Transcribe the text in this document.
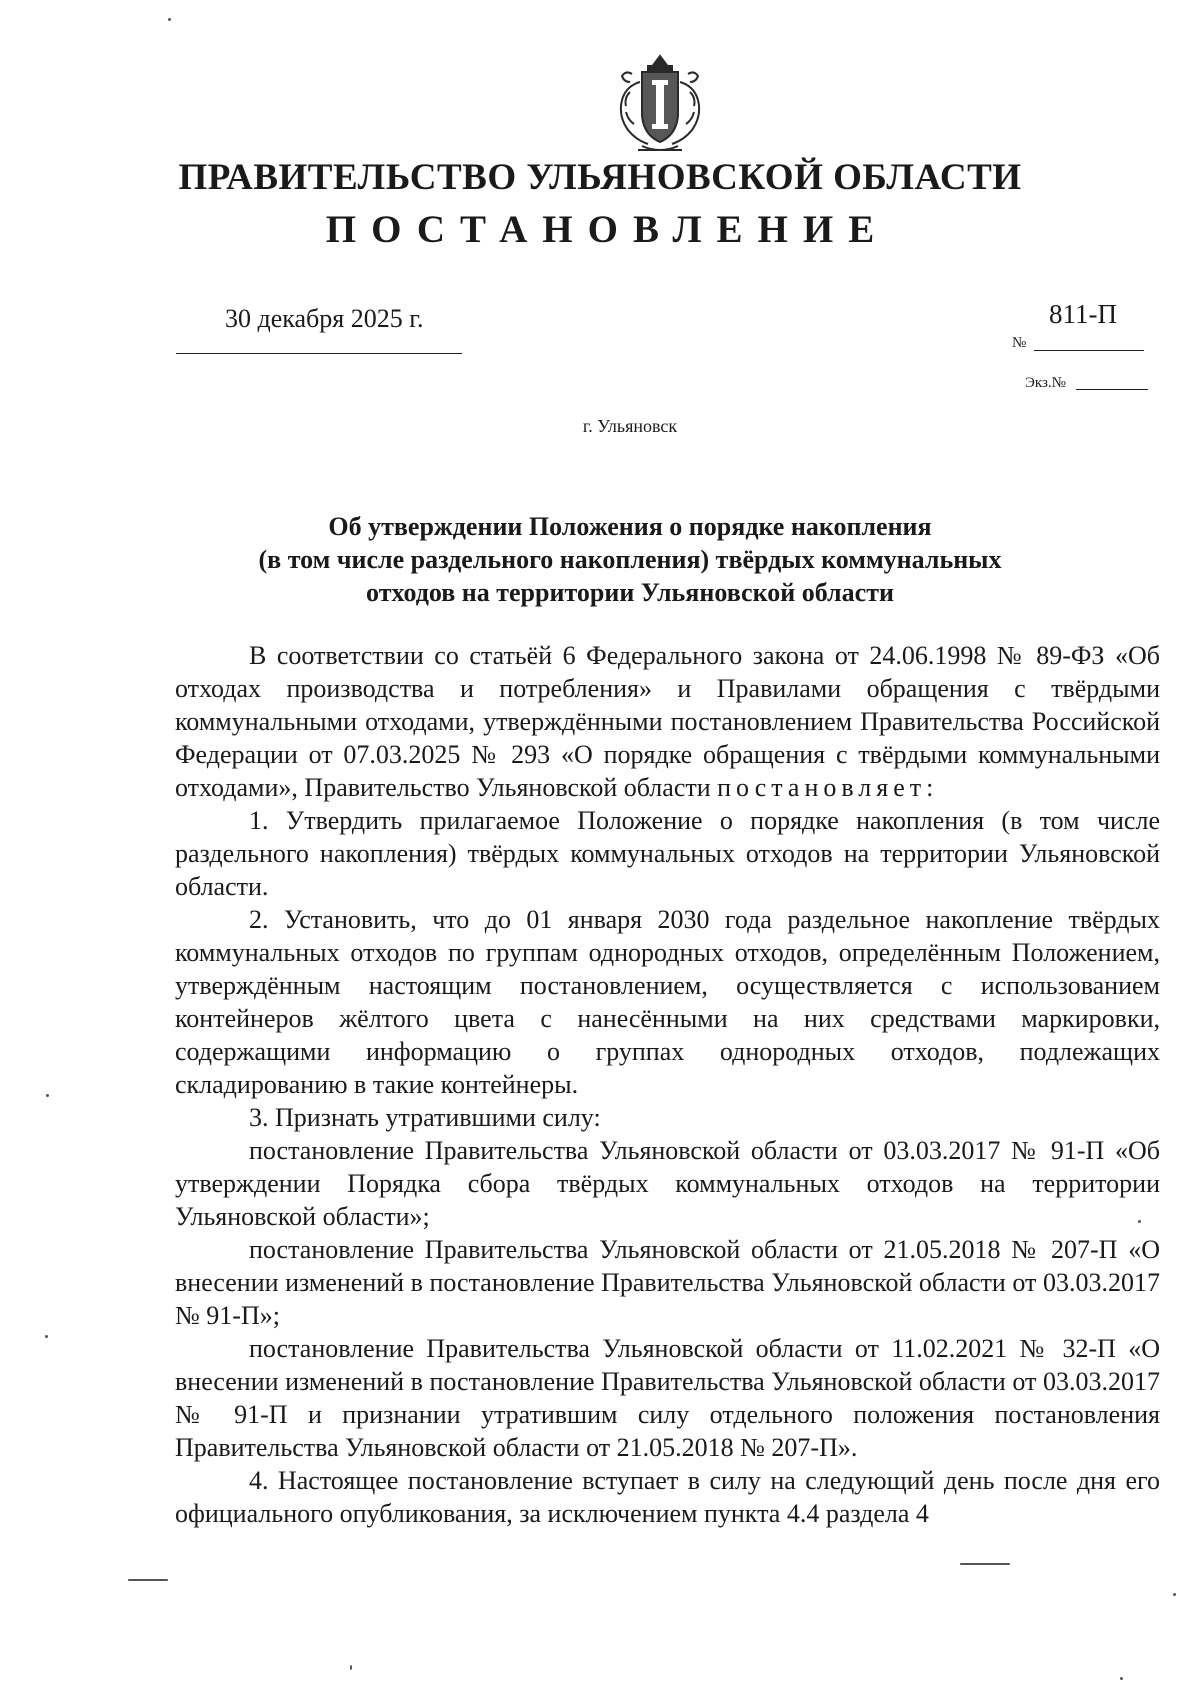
ПРАВИТЕЛЬСТВО УЛЬЯНОВСКОЙ ОБЛАСТИ
ПОСТАНОВЛЕНИЕ
30 декабря 2025 г.	811-П
№
Экз.№
г. Ульяновск
Об утверждении Положения о порядке накопления
(в том числе раздельного накопления) твёрдых коммунальных
отходов на территории Ульяновской области

В соответствии со статьёй 6 Федерального закона от 24.06.1998 № 89-ФЗ «Об отходах производства и потребления» и Правилами обращения с твёрдыми коммунальными отходами, утверждёнными постановлением Правительства Российской Федерации от 07.03.2025 № 293 «О порядке обращения с твёрдыми коммунальными отходами», Правительство Ульяновской области постановляет:

1. Утвердить прилагаемое Положение о порядке накопления (в том числе раздельного накопления) твёрдых коммунальных отходов на территории Ульяновской области.

2. Установить, что до 01 января 2030 года раздельное накопление твёрдых коммунальных отходов по группам однородных отходов, определённым Положением, утверждённым настоящим постановлением, осуществляется с использованием контейнеров жёлтого цвета с нанесёнными на них средствами маркировки, содержащими информацию о группах однородных отходов, подлежащих складированию в такие контейнеры.

3. Признать утратившими силу:

постановление Правительства Ульяновской области от 03.03.2017 № 91-П «Об утверждении Порядка сбора твёрдых коммунальных отходов на территории Ульяновской области»;

постановление Правительства Ульяновской области от 21.05.2018 № 207-П «О внесении изменений в постановление Правительства Ульяновской области от 03.03.2017 № 91-П»;

постановление Правительства Ульяновской области от 11.02.2021 № 32-П «О внесении изменений в постановление Правительства Ульяновской области от 03.03.2017 № 91-П и признании утратившим силу отдельного положения постановления Правительства Ульяновской области от 21.05.2018 № 207-П».

4. Настоящее постановление вступает в силу на следующий день после дня его официального опубликования, за исключением пункта 4.4 раздела 4
